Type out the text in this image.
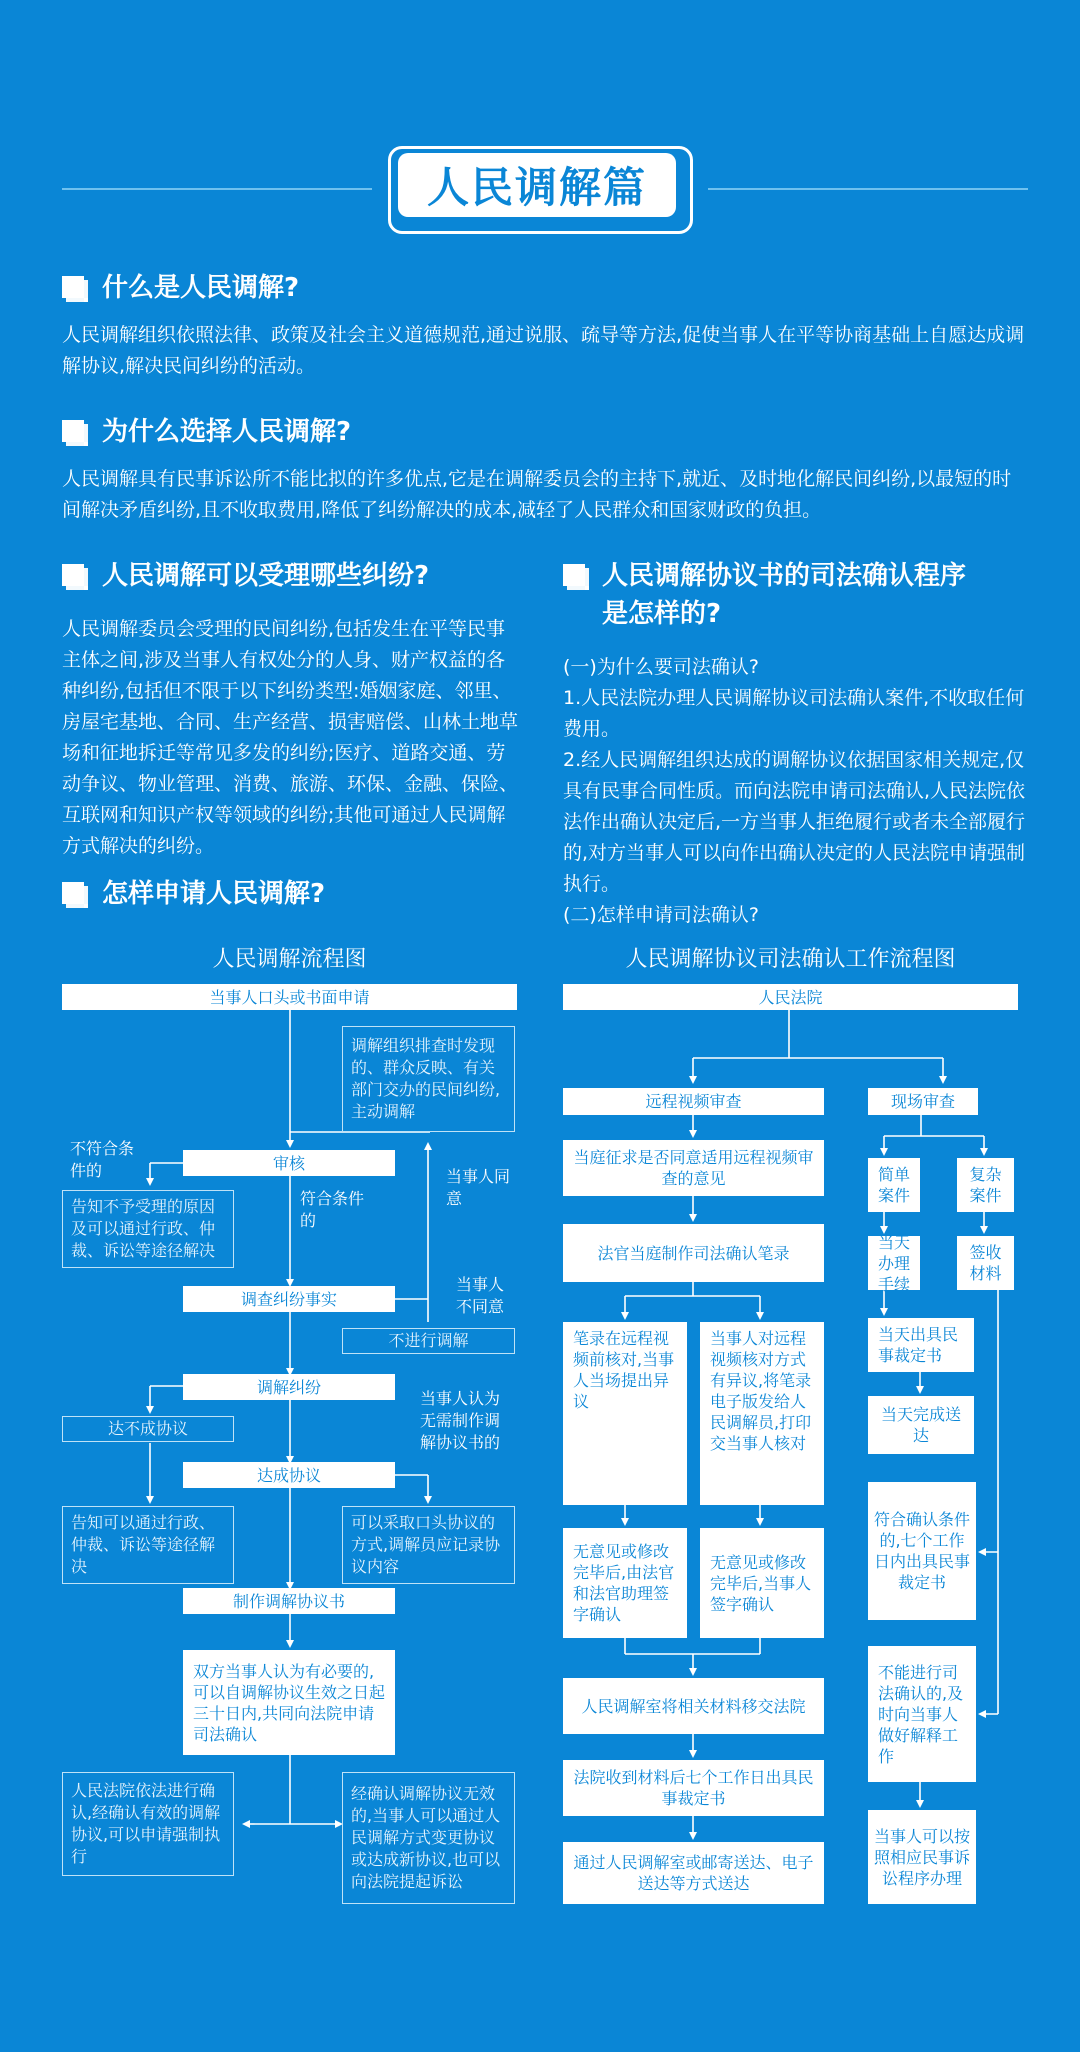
人民调解篇
什么是人民调解?
人民调解组织依照法律、政策及社会主义道德规范,通过说服、疏导等方法,促使当事人在平等协商基础上自愿达成调解协议,解决民间纠纷的活动。
为什么选择人民调解?
人民调解具有民事诉讼所不能比拟的许多优点,它是在调解委员会的主持下,就近、及时地化解民间纠纷,以最短的时间解决矛盾纠纷,且不收取费用,降低了纠纷解决的成本,减轻了人民群众和国家财政的负担。
人民调解可以受理哪些纠纷?
人民调解委员会受理的民间纠纷,包括发生在平等民事主体之间,涉及当事人有权处分的人身、财产权益的各种纠纷,包括但不限于以下纠纷类型:婚姻家庭、邻里、房屋宅基地、合同、生产经营、损害赔偿、山林土地草场和征地拆迁等常见多发的纠纷;医疗、道路交通、劳动争议、物业管理、消费、旅游、环保、金融、保险、互联网和知识产权等领域的纠纷;其他可通过人民调解方式解决的纠纷。
怎样申请人民调解?
人民调解协议书的司法确认程序
是怎样的?
(一)为什么要司法确认?
1.人民法院办理人民调解协议司法确认案件,不收取任何费用。
2.经人民调解组织达成的调解协议依据国家相关规定,仅具有民事合同性质。而向法院申请司法确认,人民法院依法作出确认决定后,一方当事人拒绝履行或者未全部履行的,对方当事人可以向作出确认决定的人民法院申请强制执行。
(二)怎样申请司法确认?
人民调解流程图	人民调解协议司法确认工作流程图
当事人口头或书面申请
调解组织排查时发现的、群众反映、有关部门交办的民间纠纷,主动调解
不符合条件的	审核
告知不予受理的原因及可以通过行政、仲裁、诉讼等途径解决
符合条件的
当事人同意
当事人不同意
调查纠纷事实
不进行调解
调解纠纷
当事人认为无需制作调解协议书的
达不成协议
达成协议
告知可以通过行政、仲裁、诉讼等途径解决
可以采取口头协议的方式,调解员应记录协议内容
制作调解协议书
双方当事人认为有必要的,可以自调解协议生效之日起三十日内,共同向法院申请司法确认
人民法院依法进行确认,经确认有效的调解协议,可以申请强制执行
经确认调解协议无效的,当事人可以通过人民调解方式变更协议或达成新协议,也可以向法院提起诉讼
人民法院
远程视频审查	现场审查
当庭征求是否同意适用远程视频审查的意见	简单案件
复杂案件
法官当庭制作司法确认笔录
当天办理手续
签收材料
当天出具民事裁定书
笔录在远程视频前核对,当事人当场提出异议
当事人对远程视频核对方式有异议,将笔录电子版发给人民调解员,打印交当事人核对
当天完成送达
符合确认条件的,七个工作日内出具民事裁定书
无意见或修改完毕后,由法官和法官助理签字确认
无意见或修改完毕后,当事人签字确认
不能进行司法确认的,及时向当事人做好解释工作
人民调解室将相关材料移交法院
法院收到材料后七个工作日出具民事裁定书
当事人可以按照相应民事诉讼程序办理
通过人民调解室或邮寄送达、电子送达等方式送达
